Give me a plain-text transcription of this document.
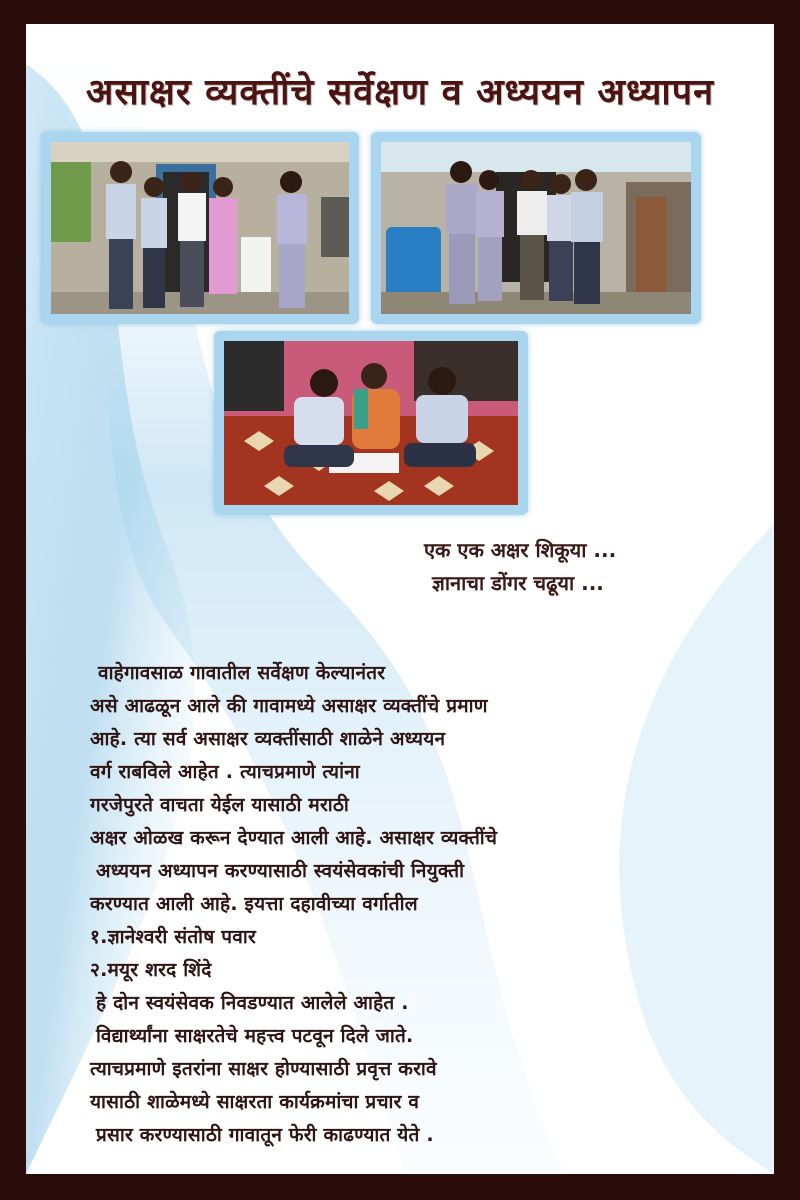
असाक्षर व्यक्तींचे सर्वेक्षण व अध्ययन अध्यापन
एक एक अक्षर शिकूया ...
ज्ञानाचा डोंगर चढूया ...
वाहेगावसाळ गावातील सर्वेक्षण केल्यानंतर
असे आढळून आले की गावामध्ये असाक्षर व्यक्तींचे प्रमाण
आहे. त्या सर्व असाक्षर व्यक्तींसाठी शाळेने अध्ययन
वर्ग राबविले आहेत . त्याचप्रमाणे त्यांना
गरजेपुरते वाचता येईल यासाठी मराठी
अक्षर ओळख करून देण्यात आली आहे. असाक्षर व्यक्तींचे
अध्ययन अध्यापन करण्यासाठी स्वयंसेवकांची नियुक्ती
करण्यात आली आहे. इयत्ता दहावीच्या वर्गातील
१.ज्ञानेश्वरी संतोष पवार
२.मयूर शरद शिंदे
हे दोन स्वयंसेवक निवडण्यात आलेले आहेत .
विद्यार्थ्यांना साक्षरतेचे महत्त्व पटवून दिले जाते.
त्याचप्रमाणे इतरांना साक्षर होण्यासाठी प्रवृत्त करावे
यासाठी शाळेमध्ये साक्षरता कार्यक्रमांचा प्रचार व
प्रसार करण्यासाठी गावातून फेरी काढण्यात येते .
